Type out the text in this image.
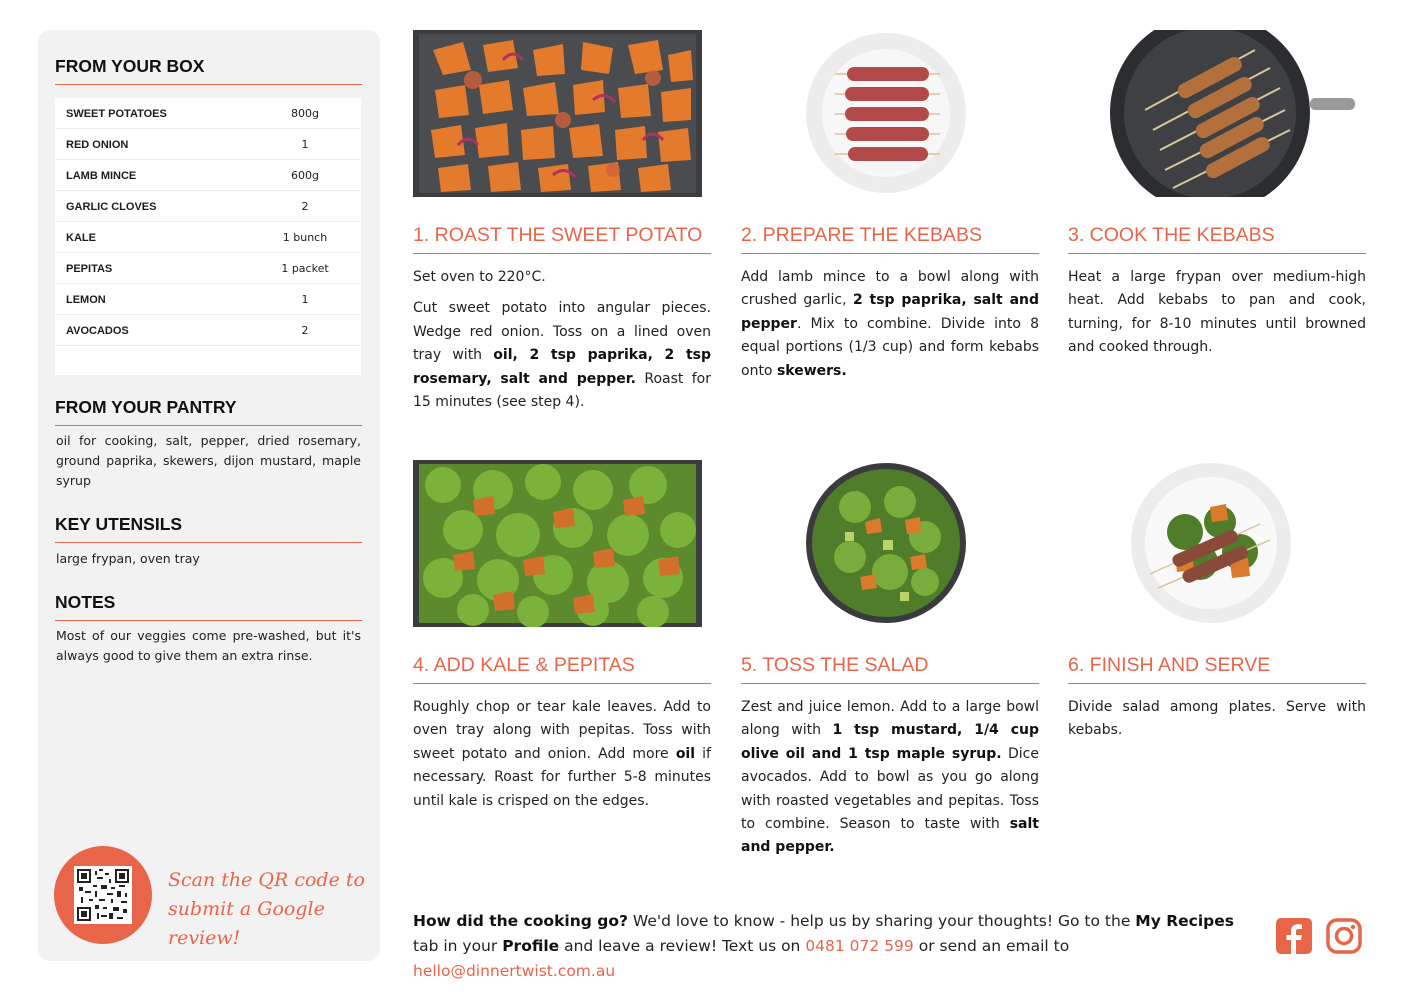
FROM YOUR BOX
SWEET POTATOES	800g
RED ONION	1
LAMB MINCE	600g
GARLIC CLOVES	2
KALE	1 bunch
PEPITAS	1 packet
LEMON	1
AVOCADOS	2
FROM YOUR PANTRY
oil for cooking, salt, pepper, dried rosemary, ground paprika, skewers, dijon mustard, maple syrup
KEY UTENSILS
large frypan, oven tray
NOTES
Most of our veggies come pre-washed, but it's always good to give them an extra rinse.
Scan the QR code to
submit a Google review!
1. ROAST THE SWEET POTATO	2. PREPARE THE KEBABS	3. COOK THE KEBABS
4. ADD KALE & PEPITAS	5. TOSS THE SALAD	6. FINISH AND SERVE

Set oven to 220°C.

Cut sweet potato into angular pieces. Wedge red onion. Toss on a lined oven tray with oil, 2 tsp paprika, 2 tsp rosemary, salt and pepper. Roast for 15 minutes (see step 4).

Add lamb mince to a bowl along with crushed garlic, 2 tsp paprika, salt and pepper. Mix to combine. Divide into 8 equal portions (1/3 cup) and form kebabs onto skewers.

Heat a large frypan over medium-high heat. Add kebabs to pan and cook, turning, for 8-10 minutes until browned and cooked through.

Roughly chop or tear kale leaves. Add to oven tray along with pepitas. Toss with sweet potato and onion. Add more oil if necessary. Roast for further 5-8 minutes until kale is crisped on the edges.

Zest and juice lemon. Add to a large bowl along with 1 tsp mustard, 1/4 cup olive oil and 1 tsp maple syrup. Dice avocados. Add to bowl as you go along with roasted vegetables and pepitas. Toss to combine. Season to taste with salt and pepper.

Divide salad among plates. Serve with kebabs.

How did the cooking go? We'd love to know - help us by sharing your thoughts! Go to the My Recipes tab in your Profile and leave a review! Text us on 0481 072 599 or send an email to hello@dinnertwist.com.au
